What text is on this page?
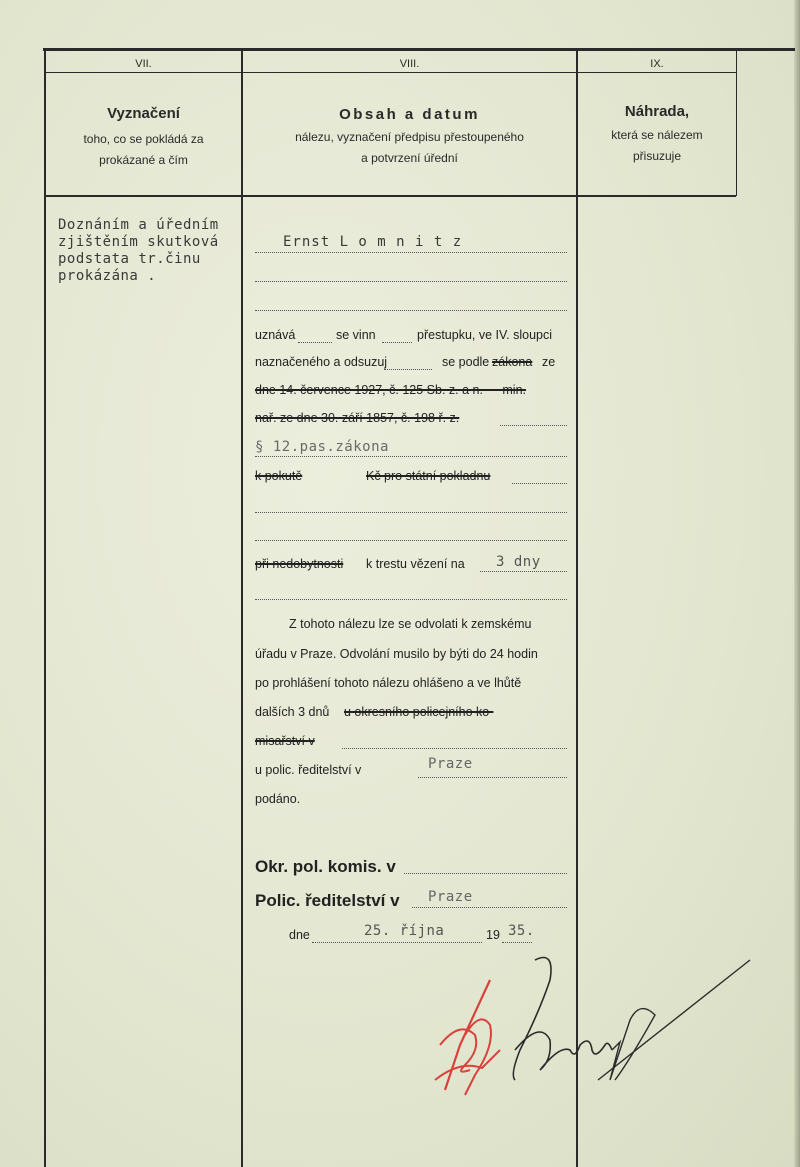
VII.	VIII.	IX.
Vyznačení
toho, co se pokládá za
prokázané a čím
Obsah a datum
nálezu, vyznačení předpisu přestoupeného
a potvrzení úřední
Náhrada,
která se nálezem
přisuzuje
Doznáním a úředním
zjištěním skutková
podstata tr.činu
prokázána .
Ernst L o m n i t z
uznává	se vinn	přestupku, ve IV. sloupci
naznačeného a odsuzuj	se podle zákona ze
dne 14. července 1927, č. 125 Sb. z. a n. — min.
nař. ze dne 30. září 1857, č. 198 ř. z.
§ 12.pas.zákona
k pokutě	Kč pro státní pokladnu
při nedobytnosti k trestu vězení na 3 dny
Z tohoto nálezu lze se odvolati k zemskému
úřadu v Praze. Odvolání musilo by býti do 24 hodin
po prohlášení tohoto nálezu ohlášeno a ve lhůtě
dalších 3 dnů u okresního policejního ko-
misařství v
u polic. ředitelství v	Praze
podáno.
Okr. pol. komis. v
Polic. ředitelství v Praze
dne	25. října	19 35.
